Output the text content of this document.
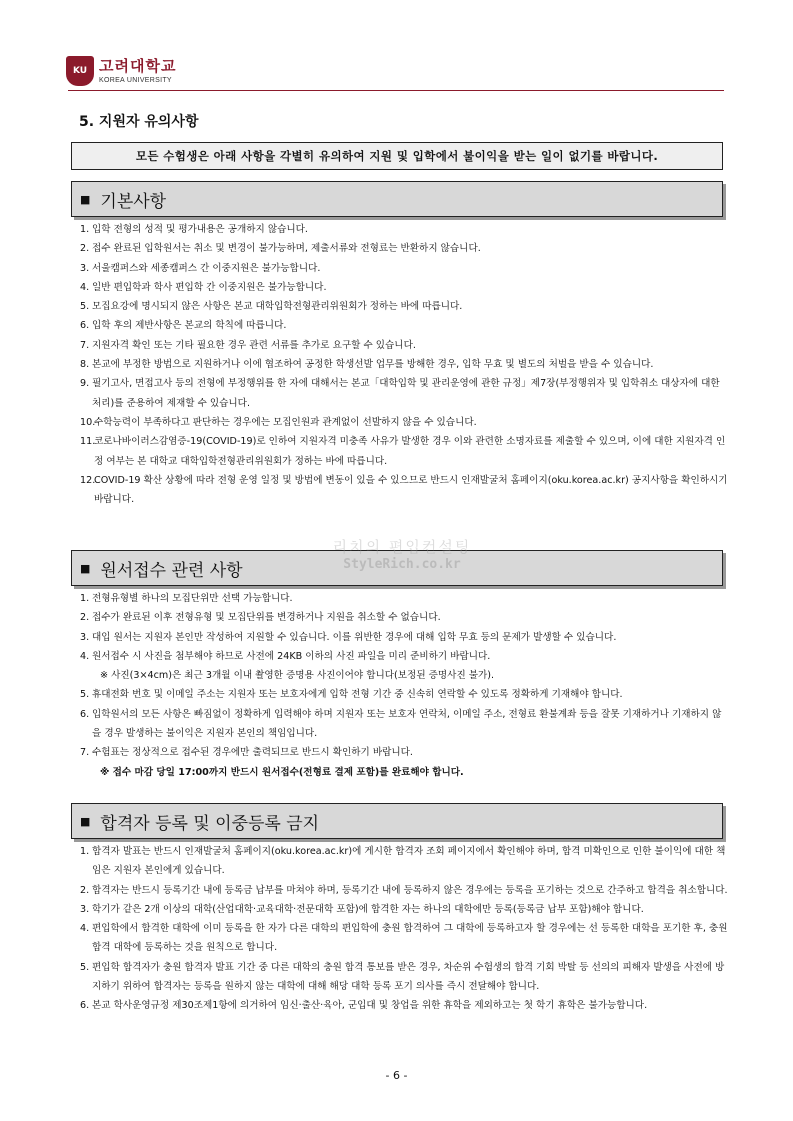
KU 고려대학교
KOREA UNIVERSITY
5. 지원자 유의사항
모든 수험생은 아래 사항을 각별히 유의하여 지원 및 입학에서 불이익을 받는 일이 없기를 바랍니다.
■ 기본사항
1. 입학 전형의 성적 및 평가내용은 공개하지 않습니다.
2. 접수 완료된 입학원서는 취소 및 변경이 불가능하며, 제출서류와 전형료는 반환하지 않습니다.
3. 서울캠퍼스와 세종캠퍼스 간 이중지원은 불가능합니다.
4. 일반 편입학과 학사 편입학 간 이중지원은 불가능합니다.
5. 모집요강에 명시되지 않은 사항은 본교 대학입학전형관리위원회가 정하는 바에 따릅니다.
6. 입학 후의 제반사항은 본교의 학칙에 따릅니다.
7. 지원자격 확인 또는 기타 필요한 경우 관련 서류를 추가로 요구할 수 있습니다.
8. 본교에 부정한 방법으로 지원하거나 이에 협조하여 공정한 학생선발 업무를 방해한 경우, 입학 무효 및 별도의 처벌을 받을 수 있습니다.
9. 필기고사, 면접고사 등의 전형에 부정행위를 한 자에 대해서는 본교「대학입학 및 관리운영에 관한 규정」제7장(부정행위자 및 입학취소 대상자에 대한 처리)를 준용하여 제재할 수 있습니다.
10.
수학능력이 부족하다고 판단하는 경우에는 모집인원과 관계없이 선발하지 않을 수 있습니다.
11.
코로나바이러스감염증-19(COVID-19)로 인하여 지원자격 미충족 사유가 발생한 경우 이와 관련한 소명자료를 제출할 수 있으며, 이에 대한 지원자격 인정 여부는 본 대학교 대학입학전형관리위원회가 정하는 바에 따릅니다.
12.
COVID-19 확산 상황에 따라 전형 운영 일정 및 방법에 변동이 있을 수 있으므로 반드시 인재발굴처 홈페이지(oku.korea.ac.kr) 공지사항을 확인하시기 바랍니다.
■ 원서접수 관련 사항
1. 전형유형별 하나의 모집단위만 선택 가능합니다.
2. 접수가 완료된 이후 전형유형 및 모집단위를 변경하거나 지원을 취소할 수 없습니다.
3. 대입 원서는 지원자 본인만 작성하여 지원할 수 있습니다. 이를 위반한 경우에 대해 입학 무효 등의 문제가 발생할 수 있습니다.
4. 원서접수 시 사진을 첨부해야 하므로 사전에 24KB 이하의 사진 파일을 미리 준비하기 바랍니다.
※ 사진(3×4cm)은 최근 3개월 이내 촬영한 증명용 사진이어야 합니다(보정된 증명사진 불가).
5. 휴대전화 번호 및 이메일 주소는 지원자 또는 보호자에게 입학 전형 기간 중 신속히 연락할 수 있도록 정확하게 기재해야 합니다.
6. 입학원서의 모든 사항은 빠짐없이 정확하게 입력해야 하며 지원자 또는 보호자 연락처, 이메일 주소, 전형료 환불계좌 등을 잘못 기재하거나 기재하지 않을 경우 발생하는 불이익은 지원자 본인의 책임입니다.
7. 수험표는 정상적으로 접수된 경우에만 출력되므로 반드시 확인하기 바랍니다.
※ 접수 마감 당일 17:00까지 반드시 원서접수(전형료 결제 포함)를 완료해야 합니다.
■ 합격자 등록 및 이중등록 금지
1. 합격자 발표는 반드시 인재발굴처 홈페이지(oku.korea.ac.kr)에 게시한 합격자 조회 페이지에서 확인해야 하며, 합격 미확인으로 인한 불이익에 대한 책임은 지원자 본인에게 있습니다.
2. 합격자는 반드시 등록기간 내에 등록금 납부를 마쳐야 하며, 등록기간 내에 등록하지 않은 경우에는 등록을 포기하는 것으로 간주하고 합격을 취소합니다.
3. 학기가 같은 2개 이상의 대학(산업대학·교육대학·전문대학 포함)에 합격한 자는 하나의 대학에만 등록(등록금 납부 포함)해야 합니다.
4. 편입학에서 합격한 대학에 이미 등록을 한 자가 다른 대학의 편입학에 충원 합격하여 그 대학에 등록하고자 할 경우에는 선 등록한 대학을 포기한 후, 충원 합격 대학에 등록하는 것을 원칙으로 합니다.
5. 편입학 합격자가 충원 합격자 발표 기간 중 다른 대학의 충원 합격 통보를 받은 경우, 차순위 수험생의 합격 기회 박탈 등 선의의 피해자 발생을 사전에 방지하기 위하여 합격자는 등록을 원하지 않는 대학에 대해 해당 대학 등록 포기 의사를 즉시 전달해야 합니다.
6. 본교 학사운영규정 제30조제1항에 의거하여 임신·출산·육아, 군입대 및 창업을 위한 휴학을 제외하고는 첫 학기 휴학은 불가능합니다.
리치의 편입컨설팅
StyleRich.co.kr
- 6 -
